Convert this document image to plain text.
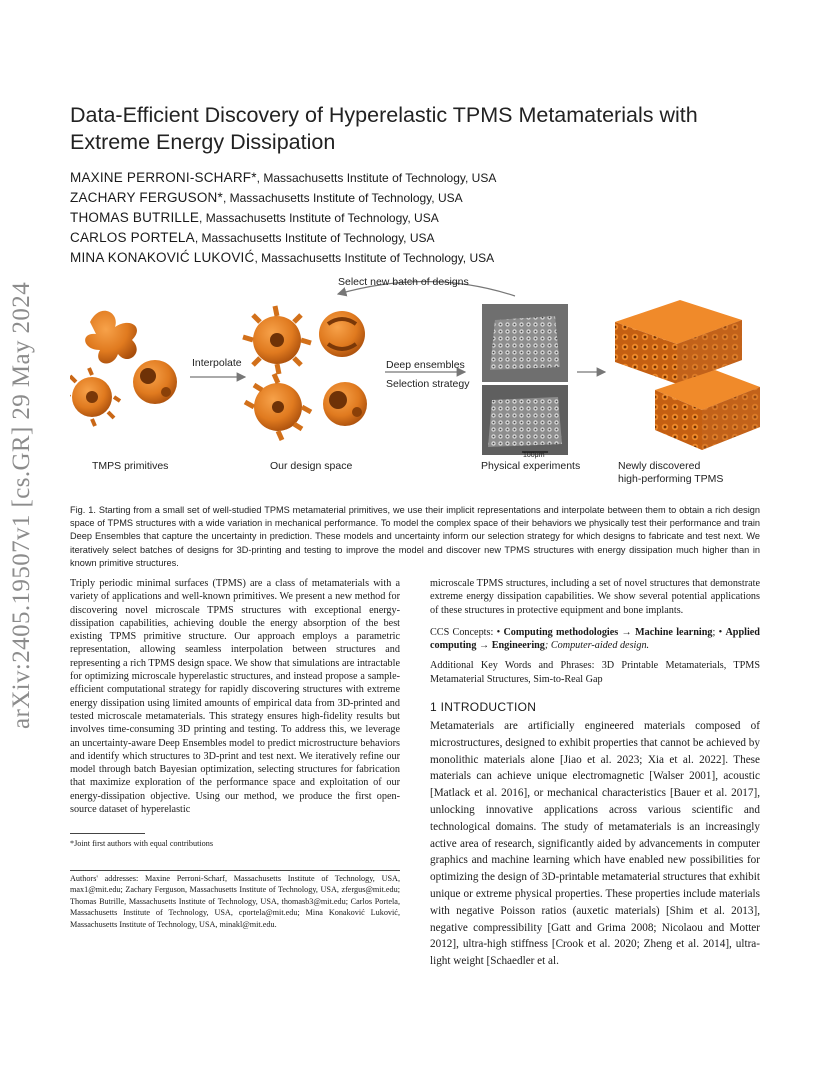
arXiv:2405.19507v1 [cs.GR] 29 May 2024
Data-Efficient Discovery of Hyperelastic TPMS Metamaterials with Extreme Energy Dissipation

MAXINE PERRONI-SCHARF*, Massachusetts Institute of Technology, USA

ZACHARY FERGUSON*, Massachusetts Institute of Technology, USA

THOMAS BUTRILLE, Massachusetts Institute of Technology, USA

CARLOS PORTELA, Massachusetts Institute of Technology, USA

MINA KONAKOVIĆ LUKOVIĆ, Massachusetts Institute of Technology, USA

Select new batch of designs
Interpolate	Deep ensembles
Selection strategy
100μm
TMPS primitives	Our design space	Physical experiments	Newly discovered
high-performing TPMS
Fig. 1. Starting from a small set of well-studied TPMS metamaterial primitives, we use their implicit representations and interpolate between them to obtain a rich design space of TPMS structures with a wide variation in mechanical performance. To model the complex space of their behaviors we physically test their performance and train Deep Ensembles that capture the uncertainty in prediction. These models and uncertainty inform our selection strategy for which designs to fabricate and test next. We iteratively select batches of designs for 3D-printing and testing to improve the model and discover new TPMS structures with energy dissipation much higher than in known primitive structures.

Triply periodic minimal surfaces (TPMS) are a class of metamaterials with a variety of applications and well-known primitives. We present a new method for discovering novel microscale TPMS structures with exceptional energy-dissipation capabilities, achieving double the energy absorption of the best existing TPMS primitive structure. Our approach employs a parametric representation, allowing seamless interpolation between structures and representing a rich TPMS design space. We show that simulations are intractable for optimizing microscale hyperelastic structures, and instead propose a sample-efficient computational strategy for rapidly discovering structures with extreme energy dissipation using limited amounts of empirical data from 3D-printed and tested microscale metamaterials. This strategy ensures high-fidelity results but involves time-consuming 3D printing and testing. To address this, we leverage an uncertainty-aware Deep Ensembles model to predict microstructure behaviors and identify which structures to 3D-print and test next. We iteratively refine our model through batch Bayesian optimization, selecting structures for fabrication that maximize exploration of the performance space and exploitation of our energy-dissipation objective. Using our method, we produce the first open-source dataset of hyperelastic

microscale TPMS structures, including a set of novel structures that demonstrate extreme energy dissipation capabilities. We show several potential applications of these structures in protective equipment and bone implants.

CCS Concepts: • Computing methodologies → Machine learning; • Applied computing → Engineering; Computer-aided design.

Additional Key Words and Phrases: 3D Printable Metamaterials, TPMS Metamaterial Structures, Sim-to-Real Gap

1 INTRODUCTION

Metamaterials are artificially engineered materials composed of microstructures, designed to exhibit properties that cannot be achieved by monolithic materials alone [Jiao et al. 2023; Xia et al. 2022]. These materials can achieve unique electromagnetic [Walser 2001], acoustic [Matlack et al. 2016], or mechanical characteristics [Bauer et al. 2017], unlocking innovative applications across various scientific and technological domains. The study of metamaterials is an increasingly active area of research, significantly aided by advancements in computer graphics and machine learning which have enabled new possibilities for optimizing the design of 3D-printable metamaterial structures that exhibit unique or extreme physical properties. These properties include materials with negative Poisson ratios (auxetic materials) [Shim et al. 2013], negative compressibility [Gatt and Grima 2008; Nicolaou and Motter 2012], ultra-high stiffness [Crook et al. 2020; Zheng et al. 2014], ultra-light weight [Schaedler et al.

*Joint first authors with equal contributions
Authors' addresses: Maxine Perroni-Scharf, Massachusetts Institute of Technology, USA, max1@mit.edu; Zachary Ferguson, Massachusetts Institute of Technology, USA, zfergus@mit.edu; Thomas Butrille, Massachusetts Institute of Technology, USA, thomasb3@mit.edu; Carlos Portela, Massachusetts Institute of Technology, USA, cportela@mit.edu; Mina Konaković Luković, Massachusetts Institute of Technology, USA, minakl@mit.edu.
